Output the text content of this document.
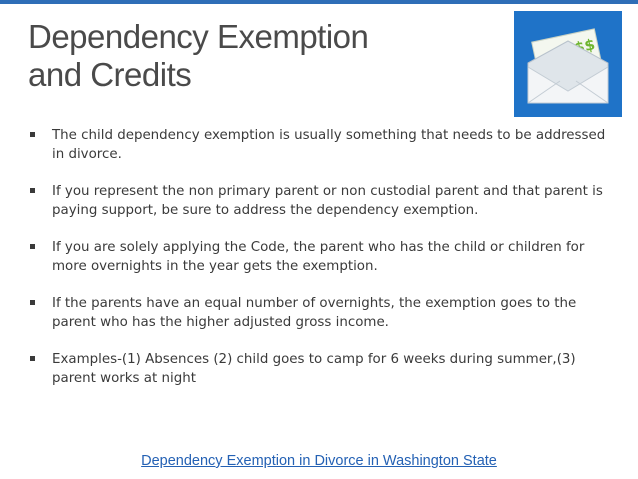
Dependency Exemption
and Credits
The child dependency exemption is usually something that needs to be addressed in divorce.
If you represent the non primary parent or non custodial parent and that parent is paying support, be sure to address the dependency exemption.
If you are solely applying the Code, the parent who has the child or children for more overnights in the year gets the exemption.
If the parents have an equal number of overnights, the exemption goes to the parent who has the higher adjusted gross income.
Examples-(1) Absences (2) child goes to camp for 6 weeks during summer,(3) parent works at night
Dependency Exemption in Divorce in Washington State
